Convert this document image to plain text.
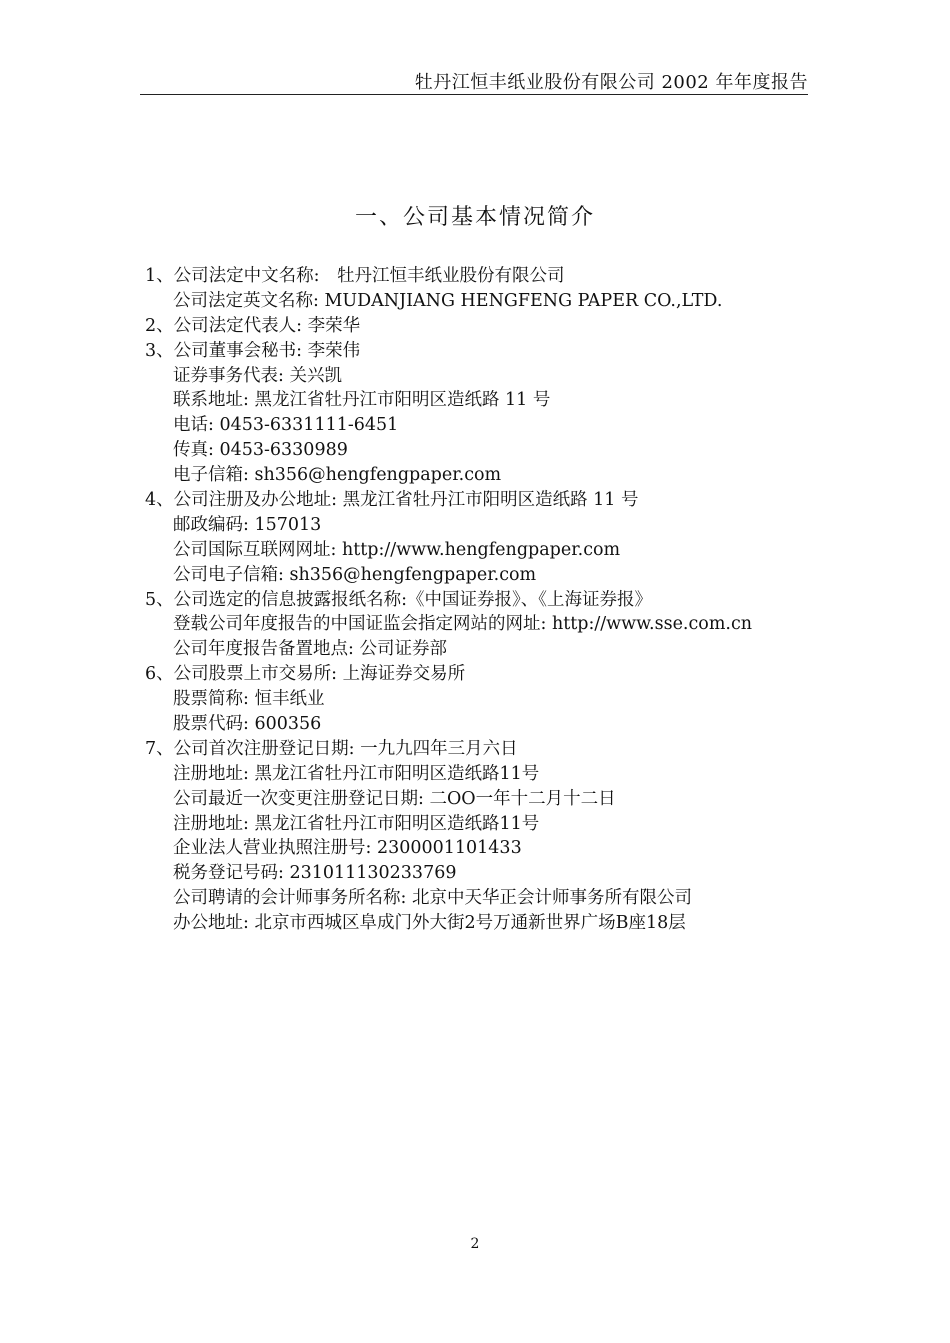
牡丹江恒丰纸业股份有限公司 2002 年年度报告
一、公司基本情况简介
1、公司法定中文名称:　牡丹江恒丰纸业股份有限公司
公司法定英文名称: MUDANJIANG HENGFENG PAPER CO.,LTD.
2、公司法定代表人: 李荣华
3、公司董事会秘书: 李荣伟
证券事务代表: 关兴凯
联系地址: 黑龙江省牡丹江市阳明区造纸路 11 号
电话: 0453-6331111-6451
传真: 0453-6330989
电子信箱: sh356@hengfengpaper.com
4、公司注册及办公地址: 黑龙江省牡丹江市阳明区造纸路 11 号
邮政编码: 157013
公司国际互联网网址: http://www.hengfengpaper.com
公司电子信箱: sh356@hengfengpaper.com
5、公司选定的信息披露报纸名称:《中国证券报》、《上海证券报》
登载公司年度报告的中国证监会指定网站的网址: http://www.sse.com.cn
公司年度报告备置地点: 公司证券部
6、公司股票上市交易所: 上海证券交易所
股票简称: 恒丰纸业
股票代码: 600356
7、公司首次注册登记日期: 一九九四年三月六日
注册地址: 黑龙江省牡丹江市阳明区造纸路11号
公司最近一次变更注册登记日期: 二OO一年十二月十二日
注册地址: 黑龙江省牡丹江市阳明区造纸路11号
企业法人营业执照注册号: 2300001101433
税务登记号码: 231011130233769
公司聘请的会计师事务所名称: 北京中天华正会计师事务所有限公司
办公地址: 北京市西城区阜成门外大街2号万通新世界广场B座18层
2
